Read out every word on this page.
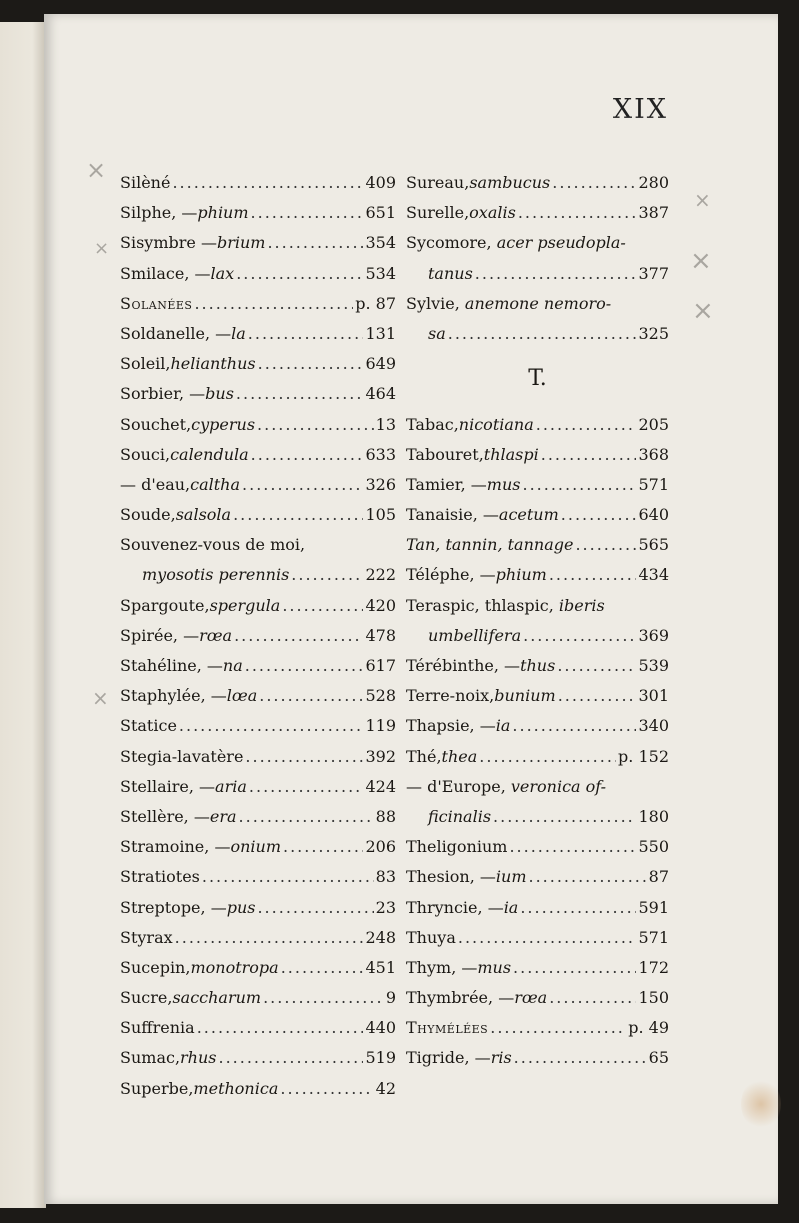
XIX
Silèné .....	409
Silphe, — phium .....	651
Sisymbre — brium .....	354
Smilace, — lax .....	534
Solanées .....	p. 87
Soldanelle, — la .....	131
Soleil, helianthus .....	649
Sorbier, — bus .....	464
Souchet, cyperus .....	13
Souci, calendula .....	633
— d'eau, caltha .....	326
Soude, salsola .....	105
Souvenez-vous de moi,
myosotis perennis .....	222
Spargoute, spergula .....	420
Spirée, — rœa .....	478
Stahéline, — na .....	617
Staphylée, — lœa .....	528
Statice .....	119
Stegia-lavatère .....	392
Stellaire, — aria .....	424
Stellère, — era .....	88
Stramoine, — onium .....	206
Stratiotes .....	83
Streptope, — pus .....	23
Styrax .....	248
Sucepin, monotropa .....	451
Sucre, saccharum .....	9
Suffrenia .....	440
Sumac, rhus .....	519
Superbe, methonica .....	42
Sureau, sambucus .....	280
Surelle, oxalis .....	387
Sycomore, acer pseudopla-
tanus .....	377
Sylvie, anemone nemoro-
sa .....	325
T.
Tabac, nicotiana .....	205
Tabouret, thlaspi .....	368
Tamier, — mus .....	571
Tanaisie, — acetum .....	640
Tan, tannin, tannage .....	565
Téléphe, — phium .....	434
Teraspic, thlaspic, iberis
umbellifera .....	369
Térébinthe, — thus .....	539
Terre-noix, bunium .....	301
Thapsie, — ia .....	340
Thé, thea .....	p. 152
— d'Europe, veronica of-
ficinalis .....	180
Theligonium .....	550
Thesion, — ium .....	87
Thryncie, — ia .....	591
Thuya .....	571
Thym, — mus .....	172
Thymbrée, — rœa .....	150
Thymélées .....	p. 49
Tigride, — ris .....	65
×
×
×
×
×
×
